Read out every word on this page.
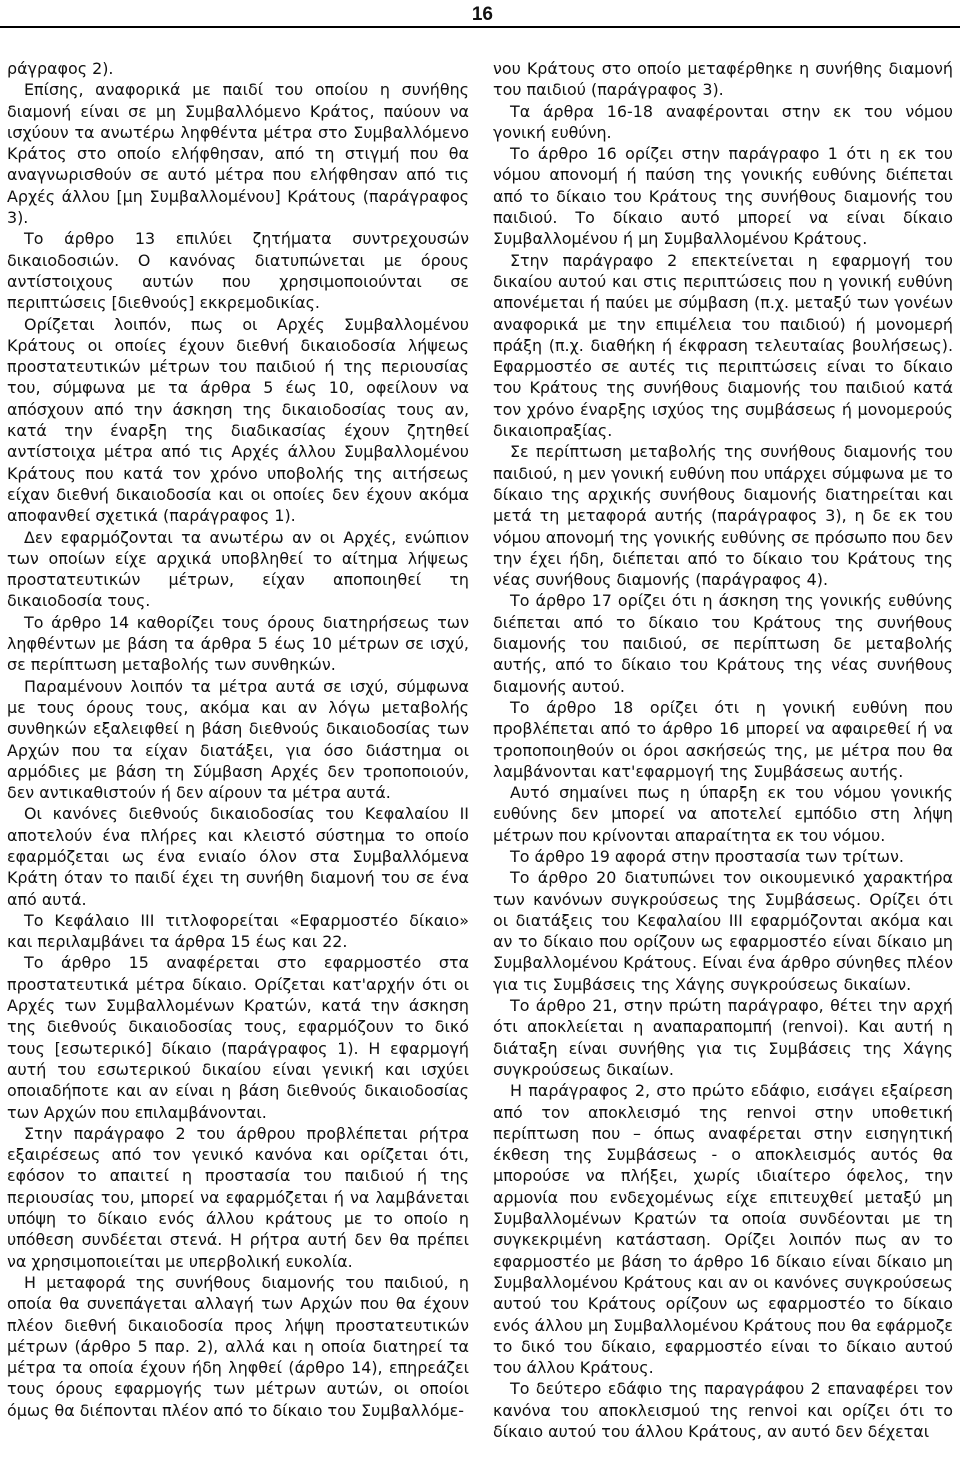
16

ράγραφος 2).

Επίσης, αναφορικά με παιδί του οποίου η συνήθης διαμονή είναι σε μη Συμβαλλόμενο Κράτος, παύουν να ισχύουν τα ανωτέρω ληφθέντα μέτρα στο Συμβαλλόμενο Κράτος στο οποίο ελήφθησαν, από τη στιγμή που θα αναγνωρισθούν σε αυτό μέτρα που ελήφθησαν από τις Αρχές άλλου [μη Συμβαλλομένου] Κράτους (παράγραφος 3).

Το άρθρο 13 επιλύει ζητήματα συντρεχουσών δικαιοδοσιών. Ο κανόνας διατυπώνεται με όρους αντίστοιχους αυτών που χρησιμοποιούνται σε περιπτώσεις [διεθνούς] εκκρεμοδικίας.

Ορίζεται λοιπόν, πως οι Αρχές Συμβαλλομένου Κράτους οι οποίες έχουν διεθνή δικαιοδοσία λήψεως προστατευτικών μέτρων του παιδιού ή της περιουσίας του, σύμφωνα με τα άρθρα 5 έως 10, οφείλουν να απόσχουν από την άσκηση της δικαιοδοσίας τους αν, κατά την έναρξη της διαδικασίας έχουν ζητηθεί αντίστοιχα μέτρα από τις Αρχές άλλου Συμβαλλομένου Κράτους που κατά τον χρόνο υποβολής της αιτήσεως είχαν διεθνή δικαιοδοσία και οι οποίες δεν έχουν ακόμα αποφανθεί σχετικά (παράγραφος 1).

Δεν εφαρμόζονται τα ανωτέρω αν οι Αρχές, ενώπιον των οποίων είχε αρχικά υποβληθεί το αίτημα λήψεως προστατευτικών μέτρων, είχαν αποποιηθεί τη δικαιοδοσία τους.

Το άρθρο 14 καθορίζει τους όρους διατηρήσεως των ληφθέντων με βάση τα άρθρα 5 έως 10 μέτρων σε ισχύ, σε περίπτωση μεταβολής των συνθηκών.

Παραμένουν λοιπόν τα μέτρα αυτά σε ισχύ, σύμφωνα με τους όρους τους, ακόμα και αν λόγω μεταβολής συνθηκών εξαλειφθεί η βάση διεθνούς δικαιοδοσίας των Αρχών που τα είχαν διατάξει, για όσο διάστημα οι αρμόδιες με βάση τη Σύμβαση Αρχές δεν τροποποιούν, δεν αντικαθιστούν ή δεν αίρουν τα μέτρα αυτά.

Οι κανόνες διεθνούς δικαιοδοσίας του Κεφαλαίου ΙΙ αποτελούν ένα πλήρες και κλειστό σύστημα το οποίο εφαρμόζεται ως ένα ενιαίο όλον στα Συμβαλλόμενα Κράτη όταν το παιδί έχει τη συνήθη διαμονή του σε ένα από αυτά.

Το Κεφάλαιο ΙΙΙ τιτλοφορείται «Εφαρμοστέο δίκαιο» και περιλαμβάνει τα άρθρα 15 έως και 22.

Το άρθρο 15 αναφέρεται στο εφαρμοστέο στα προστατευτικά μέτρα δίκαιο. Ορίζεται κατ'αρχήν ότι οι Αρχές των Συμβαλλομένων Κρατών, κατά την άσκηση της διεθνούς δικαιοδοσίας τους, εφαρμόζουν το δικό τους [εσωτερικό] δίκαιο (παράγραφος 1). Η εφαρμογή αυτή του εσωτερικού δικαίου είναι γενική και ισχύει οποιαδήποτε και αν είναι η βάση διεθνούς δικαιοδοσίας των Αρχών που επιλαμβάνονται.

Στην παράγραφο 2 του άρθρου προβλέπεται ρήτρα εξαιρέσεως από τον γενικό κανόνα και ορίζεται ότι, εφόσον το απαιτεί η προστασία του παιδιού ή της περιουσίας του, μπορεί να εφαρμόζεται ή να λαμβάνεται υπόψη το δίκαιο ενός άλλου κράτους με το οποίο η υπόθεση συνδέεται στενά. Η ρήτρα αυτή δεν θα πρέπει να χρησιμοποιείται με υπερβολική ευκολία.

Η μεταφορά της συνήθους διαμονής του παιδιού, η οποία θα συνεπάγεται αλλαγή των Αρχών που θα έχουν πλέον διεθνή δικαιοδοσία προς λήψη προστατευτικών μέτρων (άρθρο 5 παρ. 2), αλλά και η οποία διατηρεί τα μέτρα τα οποία έχουν ήδη ληφθεί (άρθρο 14), επηρεάζει τους όρους εφαρμογής των μέτρων αυτών, οι οποίοι όμως θα διέπονται πλέον από το δίκαιο του Συμβαλλόμε-

νου Κράτους στο οποίο μεταφέρθηκε η συνήθης διαμονή του παιδιού (παράγραφος 3).

Τα άρθρα 16-18 αναφέρονται στην εκ του νόμου γονική ευθύνη.

Το άρθρο 16 ορίζει στην παράγραφο 1 ότι η εκ του νόμου απονομή ή παύση της γονικής ευθύνης διέπεται από το δίκαιο του Κράτους της συνήθους διαμονής του παιδιού. Το δίκαιο αυτό μπορεί να είναι δίκαιο Συμβαλλομένου ή μη Συμβαλλομένου Κράτους.

Στην παράγραφο 2 επεκτείνεται η εφαρμογή του δικαίου αυτού και στις περιπτώσεις που η γονική ευθύνη απονέμεται ή παύει με σύμβαση (π.χ. μεταξύ των γονέων αναφορικά με την επιμέλεια του παιδιού) ή μονομερή πράξη (π.χ. διαθήκη ή έκφραση τελευταίας βουλήσεως). Εφαρμοστέο σε αυτές τις περιπτώσεις είναι το δίκαιο του Κράτους της συνήθους διαμονής του παιδιού κατά τον χρόνο έναρξης ισχύος της συμβάσεως ή μονομερούς δικαιοπραξίας.

Σε περίπτωση μεταβολής της συνήθους διαμονής του παιδιού, η μεν γονική ευθύνη που υπάρχει σύμφωνα με το δίκαιο της αρχικής συνήθους διαμονής διατηρείται και μετά τη μεταφορά αυτής (παράγραφος 3), η δε εκ του νόμου απονομή της γονικής ευθύνης σε πρόσωπο που δεν την έχει ήδη, διέπεται από το δίκαιο του Κράτους της νέας συνήθους διαμονής (παράγραφος 4).

Το άρθρο 17 ορίζει ότι η άσκηση της γονικής ευθύνης διέπεται από το δίκαιο του Κράτους της συνήθους διαμονής του παιδιού, σε περίπτωση δε μεταβολής αυτής, από το δίκαιο του Κράτους της νέας συνήθους διαμονής αυτού.

Το άρθρο 18 ορίζει ότι η γονική ευθύνη που προβλέπεται από το άρθρο 16 μπορεί να αφαιρεθεί ή να τροποποιηθούν οι όροι ασκήσεώς της, με μέτρα που θα λαμβάνονται κατ'εφαρμογή της Συμβάσεως αυτής.

Αυτό σημαίνει πως η ύπαρξη εκ του νόμου γονικής ευθύνης δεν μπορεί να αποτελεί εμπόδιο στη λήψη μέτρων που κρίνονται απαραίτητα εκ του νόμου.

Το άρθρο 19 αφορά στην προστασία των τρίτων.

Το άρθρο 20 διατυπώνει τον οικουμενικό χαρακτήρα των κανόνων συγκρούσεως της Συμβάσεως. Ορίζει ότι οι διατάξεις του Κεφαλαίου ΙΙΙ εφαρμόζονται ακόμα και αν το δίκαιο που ορίζουν ως εφαρμοστέο είναι δίκαιο μη Συμβαλλομένου Κράτους. Είναι ένα άρθρο σύνηθες πλέον για τις Συμβάσεις της Χάγης συγκρούσεως δικαίων.

Το άρθρο 21, στην πρώτη παράγραφο, θέτει την αρχή ότι αποκλείεται η αναπαραπομπή (renvoi). Και αυτή η διάταξη είναι συνήθης για τις Συμβάσεις της Χάγης συγκρούσεως δικαίων.

Η παράγραφος 2, στο πρώτο εδάφιο, εισάγει εξαίρεση από τον αποκλεισμό της renvoi στην υποθετική περίπτωση που – όπως αναφέρεται στην εισηγητική έκθεση της Συμβάσεως - ο αποκλεισμός αυτός θα μπορούσε να πλήξει, χωρίς ιδιαίτερο όφελος, την αρμονία που ενδεχομένως είχε επιτευχθεί μεταξύ μη Συμβαλλομένων Κρατών τα οποία συνδέονται με τη συγκεκριμένη κατάσταση. Ορίζει λοιπόν πως αν το εφαρμοστέο με βάση το άρθρο 16 δίκαιο είναι δίκαιο μη Συμβαλλομένου Κράτους και αν οι κανόνες συγκρούσεως αυτού του Κράτους ορίζουν ως εφαρμοστέο το δίκαιο ενός άλλου μη Συμβαλλομένου Κράτους που θα εφάρμοζε το δικό του δίκαιο, εφαρμοστέο είναι το δίκαιο αυτού του άλλου Κράτους.

Το δεύτερο εδάφιο της παραγράφου 2 επαναφέρει τον κανόνα του αποκλεισμού της renvoi και ορίζει ότι το δίκαιο αυτού του άλλου Κράτους, αν αυτό δεν δέχεται
